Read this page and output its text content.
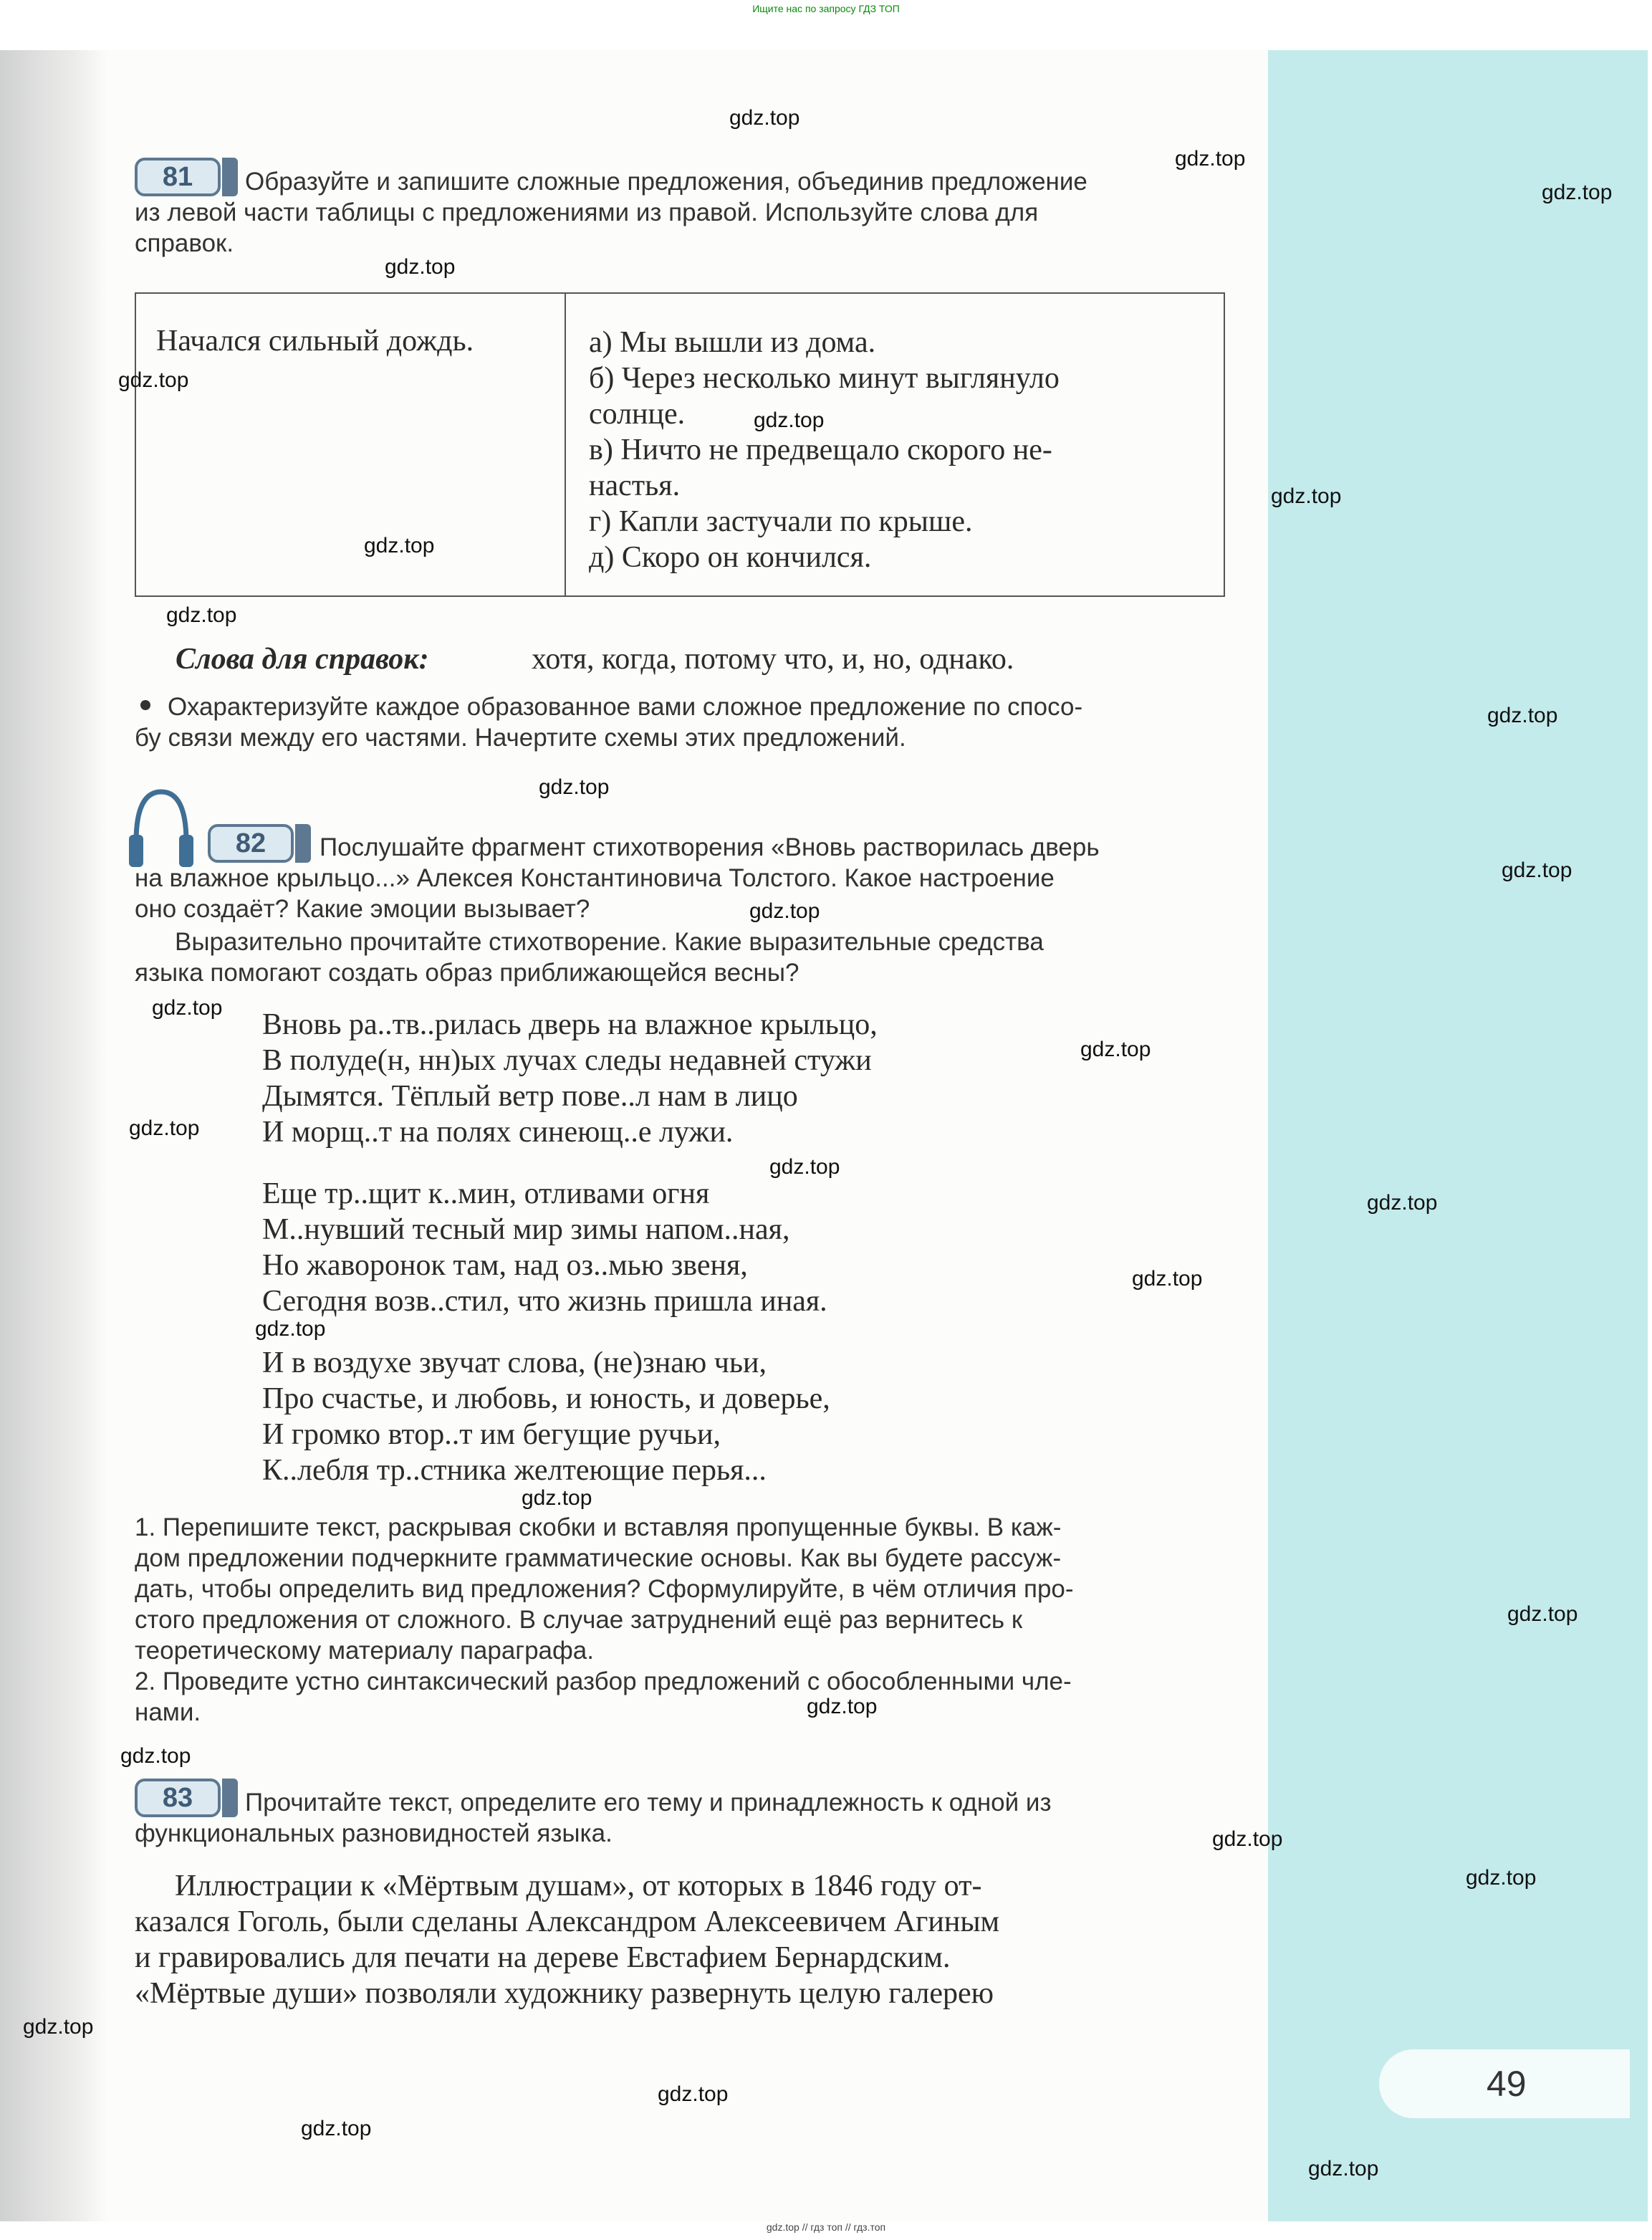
Ищите нас по запросу ГДЗ ТОП
81	Образуйте и запишите сложные предложения, объединив предложение

из левой части таблицы с предложениями из правой. Используйте слова для

справок.

Начался сильный дождь.	а) Мы вышли из дома.

б) Через несколько минут выглянуло

солнце.

в) Ничто не предвещало скорого не-

настья.

г) Капли застучали по крыше.

д) Скоро он кончился.

Слова для справок:	хотя, когда, потому что, и, но, однако.

Охарактеризуйте каждое образованное вами сложное предложение по спосо-

бу связи между его частями. Начертите схемы этих предложений.

82	Послушайте фрагмент стихотворения «Вновь растворилась дверь

на влажное крыльцо...» Алексея Константиновича Толстого. Какое настроение

оно создаёт? Какие эмоции вызывает?

Выразительно прочитайте стихотворение. Какие выразительные средства

языка помогают создать образ приближающейся весны?

Вновь ра..тв..рилась дверь на влажное крыльцо,

В полуде(н, нн)ых лучах следы недавней стужи

Дымятся. Тёплый ветр пове..л нам в лицо

И морщ..т на полях синеющ..е лужи.

Еще тр..щит к..мин, отливами огня

М..нувший тесный мир зимы напом..ная,

Но жаворонок там, над оз..мью звеня,

Сегодня возв..стил, что жизнь пришла иная.

И в воздухе звучат слова, (не)знаю чьи,

Про счастье, и любовь, и юность, и доверье,

И громко втор..т им бегущие ручьи,

К..лебля тр..стника желтеющие перья...

1. Перепишите текст, раскрывая скобки и вставляя пропущенные буквы. В каж-

дом предложении подчеркните грамматические основы. Как вы будете рассуж-

дать, чтобы определить вид предложения? Сформулируйте, в чём отличия про-

стого предложения от сложного. В случае затруднений ещё раз вернитесь к

теоретическому материалу параграфа.

2. Проведите устно синтаксический разбор предложений с обособленными чле-

нами.

83	Прочитайте текст, определите его тему и принадлежность к одной из

функциональных разновидностей языка.

Иллюстрации к «Мёртвым душам», от которых в 1846 году от-

казался Гоголь, были сделаны Александром Алексеевичем Агиным

и гравировались для печати на дереве Евстафием Бернардским.

«Мёртвые души» позволяли художнику развернуть целую галерею

49
gdz.top
gdz.top
gdz.top
gdz.top
gdz.top
gdz.top
gdz.top
gdz.top
gdz.top
gdz.top
gdz.top
gdz.top
gdz.top
gdz.top
gdz.top
gdz.top
gdz.top
gdz.top
gdz.top
gdz.top
gdz.top
gdz.top
gdz.top
gdz.top
gdz.top
gdz.top
gdz.top
gdz.top
gdz.top
gdz.top
gdz.top // гдз топ // гдз.топ
